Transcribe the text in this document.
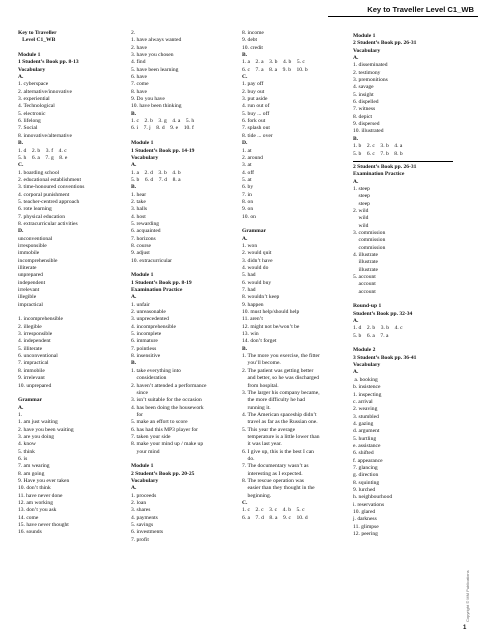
Key to Traveller Level C1_WB
Key to Traveller
Level C1_WB
Module 1
1 Student’s Book pp. 8-13
Vocabulary
A.
1. cyberspace
2. alternative/innovative
3. experiential
4. Technological
5. electronic
6. lifelong
7. Social
8. innovative/alternative
B.
1. d    2. b    3. f    4. c
5. h    6. a    7. g    8. e
C.
1. boarding school
2. educational establishment
3. time-honoured conventions
4. corporal punishment
5. teacher-centred approach
6. rote learning
7. physical education
8. extracurricular activities
D.
unconventional
irresponsible
immobile
incomprehensible
illiterate
unprepared
independent
irrelevant
illegible
impractical
1. incomprehensible
2. illegible
3. irresponsible
4. independent
5. illiterate
6. unconventional
7. impractical
8. immobile
9. irrelevant
10. unprepared
Grammar
A.
1.
1. am just waiting
2. have you been waiting
3. are you doing
4. know
5. think
6. is
7. am wearing
8. am going
9. Have you ever taken
10. don’t think
11. have never done
12. am working
13. don’t you ask
14. come
15. have never thought
16. sounds
2.
1. have always wanted
2. have
3. have you chosen
4. find
5. have been learning
6. have
7. come
8. have
9. Do you have
10. have been thinking
B.
1. c    2. b    3. g    4. a    5. h
6. i    7. j    8. d    9. e    10. f
Module 1
1 Student’s Book pp. 14-19
Vocabulary
A.
1. a    2. d    3. b    4. b
5. b    6. d    7. d    8. a
B.
1. hear
2. take
3. halls
4. host
5. rewarding
6. acquainted
7. horizons
8. course
9. adjust
10. extracurricular
Module 1
1 Student’s Book pp. 8-19
Examination Practice
A.
1. unfair
2. unreasonable
3. unprecedented
4. incomprehensible
5. incomplete
6. immature
7. pointless
8. insensitive
B.
1. take everything into
consideration
2. haven’t attended a performance
since
3. isn’t suitable for the occasion
4. has been doing the housework
for
5. make an effort to score
6. has had this MP3 player for
7. taken your side
8. make your mind up / make up
your mind
Module 1
2 Student’s Book pp. 20-25
Vocabulary
A.
1. proceeds
2. loan
3. shares
4. payments
5. savings
6. investments
7. profit
8. income
9. debt
10. credit
B.
1. a    2. a    3. b    4. b    5. c
6. c    7. a    8. a    9. b    10. b
C.
1. pay off
2. buy out
3. put aside
4. run out of
5. buy ... off
6. fork out
7. splash out
8. tide ... over
D.
1. at
2. around
3. at
4. off
5. at
6. by
7. in
8. on
9. on
10. on
Grammar
A.
1. won
2. would quit
3. didn’t have
4. would do
5. had
6. would buy
7. had
8. wouldn’t keep
9. happen
10. must help/should help
11. aren’t
12. might not be/won’t be
13. win
14. don’t forget
B.
1. The more you exercise, the fitter
you’ll become.
2. The patient was getting better
and better, so he was discharged
from hospital.
3. The larger his company became,
the more difficulty he had
running it.
4. The American spaceship didn’t
travel as far as the Russian one.
5. This year the average
temperature is a little lower than
it was last year.
6. I give up, this is the best I can
do.
7. The documentary wasn’t as
interesting as I expected.
8. The rescue operation was
easier than they thought in the
beginning.
C.
1. c    2. c    3. c    4. b    5. c
6. a    7. d    8. a    9. c    10. d
Module 1
2 Student’s Book pp. 26-31
Vocabulary
A.
1. disseminated
2. testimony
3. premonitions
4. savage
5. insight
6. dispelled
7. witness
8. depict
9. dispersed
10. illustrated
B.
1. b    2. c    3. b    4. a
5. b    6. c    7. b    8. b
2 Student’s Book pp. 26-31
Examination Practice
A.
1. steep
steep
steep
2. wild
wild
wild
3. commission
commission
commission
4. illustrate
illustrate
illustrate
5. account
account
account
Round-up 1
Student’s Book pp. 32-34
A.
1. d    2. b    3. b    4. c
5. b    6. a    7. a
Module 2
3 Student’s Book pp. 36-41
Vocabulary
A.
a. booking
b. insistence
1. inspecting
c. arrival
2. weaving
3. stumbled
4. gazing
d. argument
5. hurtling
e. assistance
6. shifted
f. appearance
7. glancing
g. direction
8. squinting
9. lurched
h. neighbourhood
i. reservations
10. glared
j. darkness
11. glimpse
12. peering
Copyright © MM Publications
1
